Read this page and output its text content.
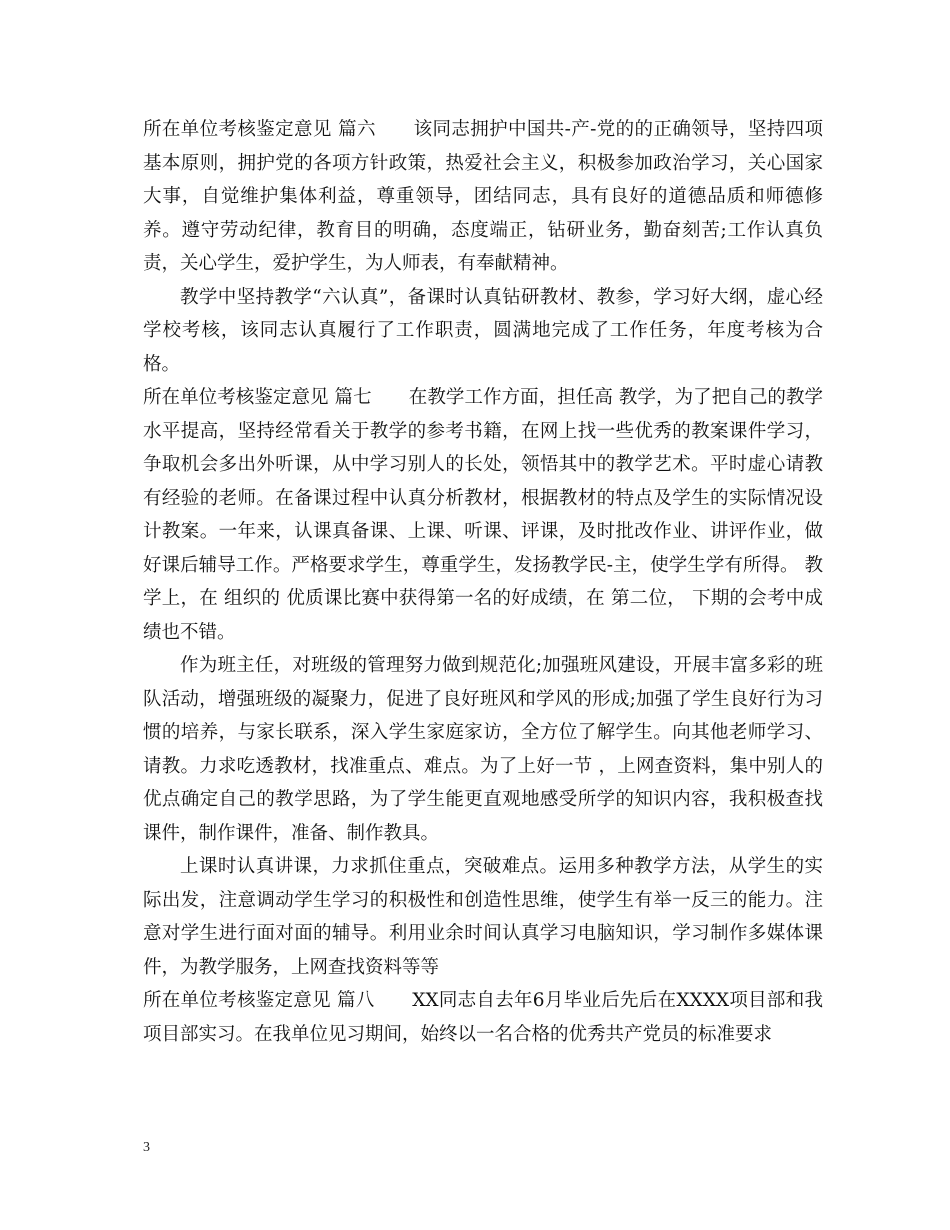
所在单位考核鉴定意见 篇六　　该同志拥护中国共-产-党的的正确领导，坚持四项基本原则，拥护党的各项方针政策，热爱社会主义，积极参加政治学习，关心国家大事，自觉维护集体利益，尊重领导，团结同志，具有良好的道德品质和师德修养。遵守劳动纪律，教育目的明确，态度端正，钻研业务，勤奋刻苦;工作认真负责，关心学生，爱护学生，为人师表，有奉献精神。

教学中坚持教学“六认真”，备课时认真钻研教材、教参，学习好大纲，虚心经学校考核，该同志认真履行了工作职责，圆满地完成了工作任务，年度考核为合格。

所在单位考核鉴定意见 篇七　　在教学工作方面，担任高 教学，为了把自己的教学水平提高，坚持经常看关于教学的参考书籍，在网上找一些优秀的教案课件学习，争取机会多出外听课，从中学习别人的长处，领悟其中的教学艺术。平时虚心请教有经验的老师。在备课过程中认真分析教材，根据教材的特点及学生的实际情况设计教案。一年来，认课真备课、上课、听课、评课，及时批改作业、讲评作业，做好课后辅导工作。严格要求学生，尊重学生，发扬教学民-主，使学生学有所得。 教学上，在 组织的 优质课比赛中获得第一名的好成绩，在 第二位， 下期的会考中成绩也不错。

作为班主任，对班级的管理努力做到规范化;加强班风建设，开展丰富多彩的班队活动，增强班级的凝聚力，促进了良好班风和学风的形成;加强了学生良好行为习惯的培养，与家长联系，深入学生家庭家访，全方位了解学生。向其他老师学习、请教。力求吃透教材，找准重点、难点。为了上好一节 ，上网查资料，集中别人的优点确定自己的教学思路，为了学生能更直观地感受所学的知识内容，我积极查找课件，制作课件，准备、制作教具。

上课时认真讲课，力求抓住重点，突破难点。运用多种教学方法，从学生的实际出发，注意调动学生学习的积极性和创造性思维，使学生有举一反三的能力。注意对学生进行面对面的辅导。利用业余时间认真学习电脑知识，学习制作多媒体课件，为教学服务，上网查找资料等等

所在单位考核鉴定意见 篇八　　XX同志自去年6月毕业后先后在XXXX项目部和我项目部实习。在我单位见习期间，始终以一名合格的优秀共产党员的标准要求

3
